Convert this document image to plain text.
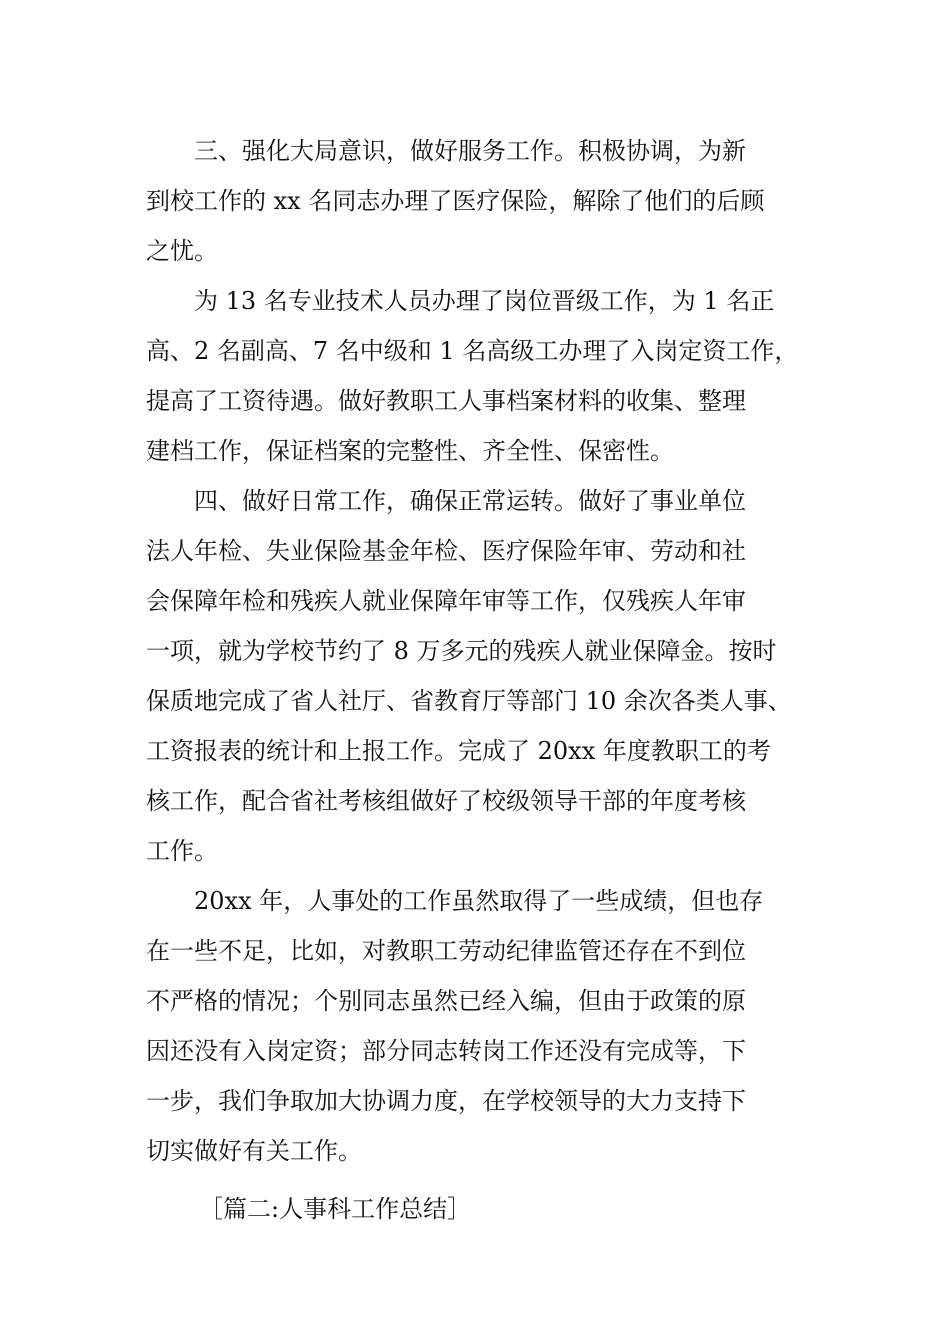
三、强化大局意识，做好服务工作。积极协调，为新
到校工作的 xx 名同志办理了医疗保险，解除了他们的后顾
之忧。
为 13 名专业技术人员办理了岗位晋级工作，为 1 名正
高、2 名副高、7 名中级和 1 名高级工办理了入岗定资工作，
提高了工资待遇。做好教职工人事档案材料的收集、整理
建档工作，保证档案的完整性、齐全性、保密性。
四、做好日常工作，确保正常运转。做好了事业单位
法人年检、失业保险基金年检、医疗保险年审、劳动和社
会保障年检和残疾人就业保障年审等工作，仅残疾人年审
一项，就为学校节约了 8 万多元的残疾人就业保障金。按时
保质地完成了省人社厅、省教育厅等部门 10 余次各类人事、
工资报表的统计和上报工作。完成了 20xx 年度教职工的考
核工作，配合省社考核组做好了校级领导干部的年度考核
工作。
20xx 年，人事处的工作虽然取得了一些成绩，但也存
在一些不足，比如，对教职工劳动纪律监管还存在不到位
不严格的情况；个别同志虽然已经入编，但由于政策的原
因还没有入岗定资；部分同志转岗工作还没有完成等，下
一步，我们争取加大协调力度，在学校领导的大力支持下
切实做好有关工作。
［篇二:人事科工作总结］
